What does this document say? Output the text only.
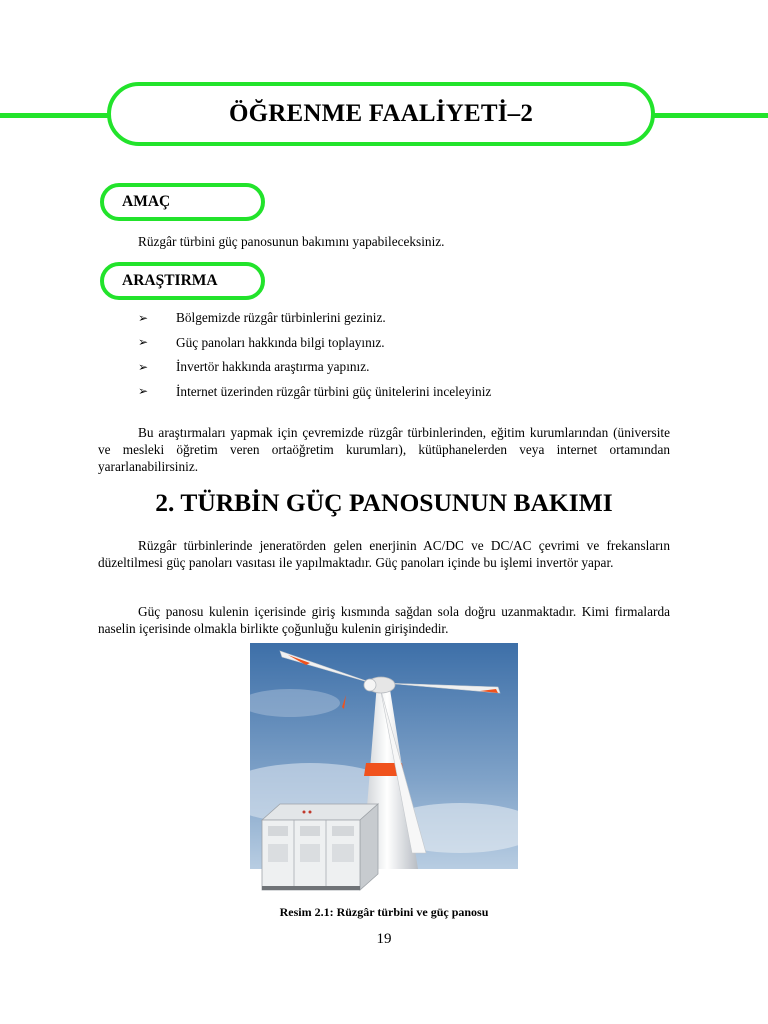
ÖĞRENME FAALİYETİ–2
AMAÇ
Rüzgâr türbini güç panosunun bakımını yapabileceksiniz.
ARAŞTIRMA
➢	Bölgemizde rüzgâr türbinlerini geziniz.
➢	Güç panoları hakkında bilgi toplayınız.
➢	İnvertör hakkında araştırma yapınız.
➢	İnternet üzerinden rüzgâr türbini güç ünitelerini inceleyiniz
Bu araştırmaları yapmak için çevremizde rüzgâr türbinlerinden, eğitim kurumlarından (üniversite ve mesleki öğretim veren ortaöğretim kurumları), kütüphanelerden veya internet ortamından yararlanabilirsiniz.
2. TÜRBİN GÜÇ PANOSUNUN BAKIMI
Rüzgâr türbinlerinde jeneratörden gelen enerjinin AC/DC ve DC/AC çevrimi ve frekansların düzeltilmesi güç panoları vasıtası ile yapılmaktadır. Güç panoları içinde bu işlemi invertör yapar.
Güç panosu kulenin içerisinde giriş kısmında sağdan sola doğru uzanmaktadır. Kimi firmalarda naselin içerisinde olmakla birlikte çoğunluğu kulenin girişindedir.
Resim 2.1: Rüzgâr türbini ve güç panosu
19
